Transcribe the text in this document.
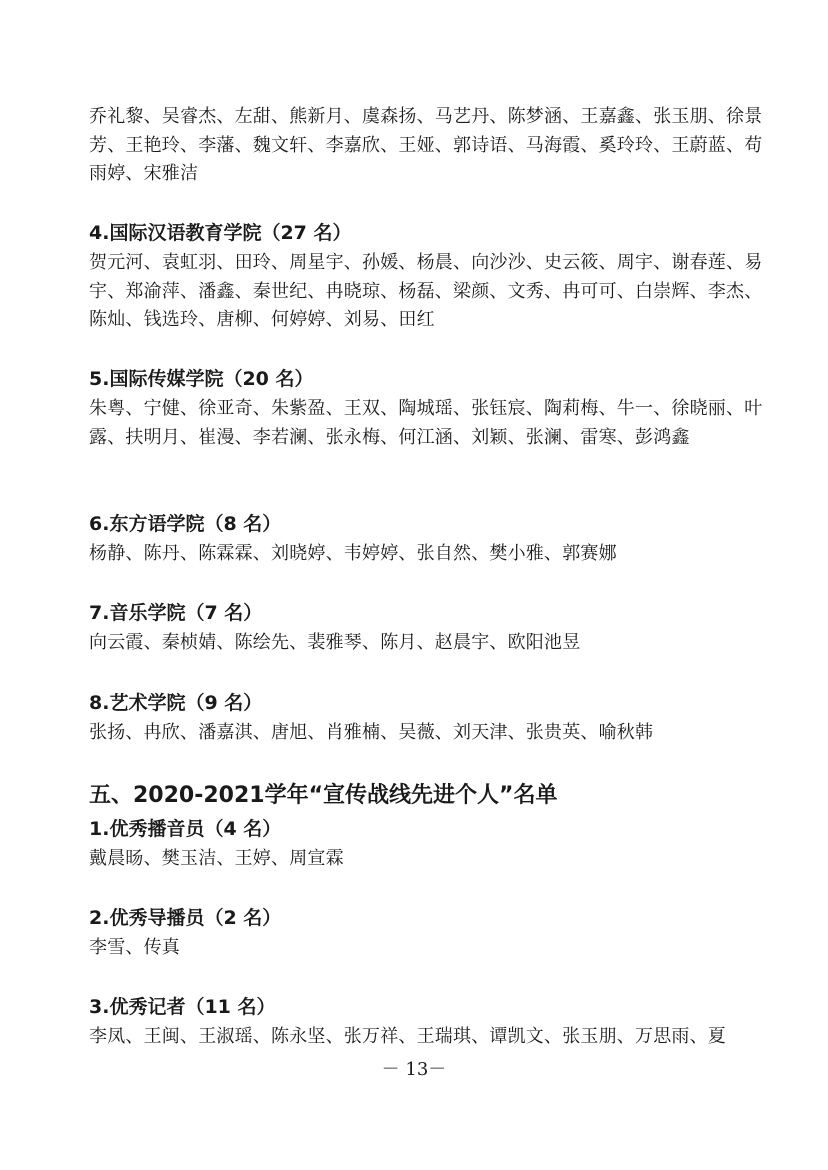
乔礼黎、吴睿杰、左甜、熊新月、虞森扬、马艺丹、陈梦涵、王嘉鑫、张玉朋、徐景芳、王艳玲、李藩、魏文轩、李嘉欣、王娅、郭诗语、马海霞、奚玲玲、王蔚蓝、苟雨婷、宋雅洁

4.国际汉语教育学院（27 名）

贺元河、袁虹羽、田玲、周星宇、孙媛、杨晨、向沙沙、史云筱、周宇、谢春莲、易宇、郑渝萍、潘鑫、秦世纪、冉晓琼、杨磊、梁颜、文秀、冉可可、白崇辉、李杰、陈灿、钱选玲、唐柳、何婷婷、刘易、田红

5.国际传媒学院（20 名）

朱粤、宁健、徐亚奇、朱紫盈、王双、陶城瑶、张钰宸、陶莉梅、牛一、徐晓丽、叶露、扶明月、崔漫、李若澜、张永梅、何江涵、刘颖、张澜、雷寒、彭鸿鑫

6.东方语学院（8 名）

杨静、陈丹、陈霖霖、刘晓婷、韦婷婷、张自然、樊小雅、郭赛娜

7.音乐学院（7 名）

向云霞、秦桢婧、陈绘先、裴雅琴、陈月、赵晨宇、欧阳池昱

8.艺术学院（9 名）

张扬、冉欣、潘嘉淇、唐旭、肖雅楠、吴薇、刘天津、张贵英、喻秋韩

五、2020-2021学年“宣传战线先进个人”名单
1.优秀播音员（4 名）

戴晨旸、樊玉洁、王婷、周宣霖

2.优秀导播员（2 名）

李雪、传真

3.优秀记者（11 名）

李凤、王闽、王淑瑶、陈永坚、张万祥、王瑞琪、谭凯文、张玉朋、万思雨、夏

－ 13－
